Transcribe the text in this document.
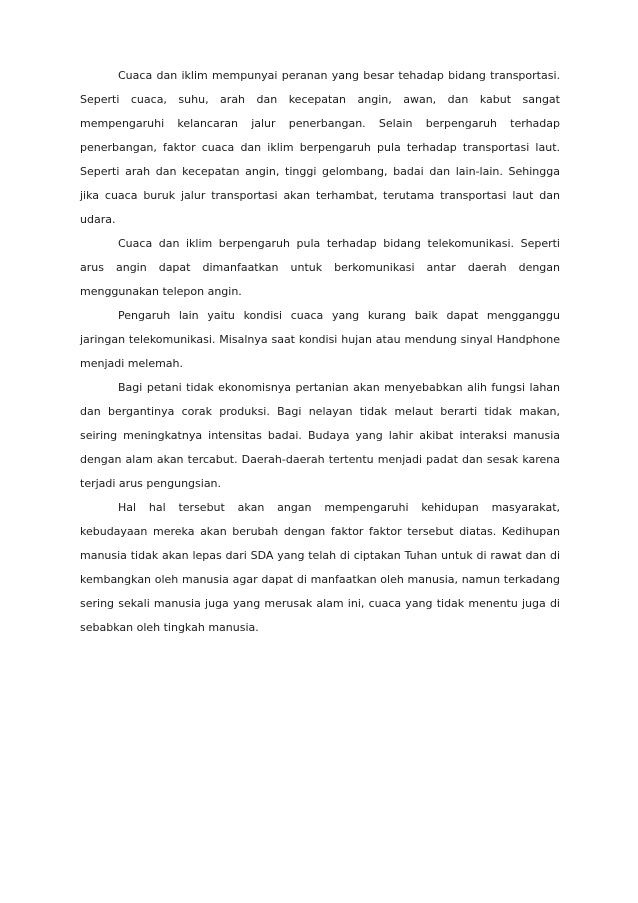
Cuaca dan iklim mempunyai peranan yang besar tehadap bidang transportasi. Seperti cuaca, suhu, arah dan kecepatan angin, awan, dan kabut sangat mempengaruhi kelancaran jalur penerbangan. Selain berpengaruh terhadap penerbangan, faktor cuaca dan iklim berpengaruh pula terhadap transportasi laut. Seperti arah dan kecepatan angin, tinggi gelombang, badai dan lain-lain. Sehingga jika cuaca buruk jalur transportasi akan terhambat, terutama transportasi laut dan udara.

Cuaca dan iklim berpengaruh pula terhadap bidang telekomunikasi. Seperti arus angin dapat dimanfaatkan untuk berkomunikasi antar daerah dengan menggunakan telepon angin.

Pengaruh lain yaitu kondisi cuaca yang kurang baik dapat mengganggu jaringan telekomunikasi. Misalnya saat kondisi hujan atau mendung sinyal Handphone menjadi melemah.

Bagi petani tidak ekonomisnya pertanian akan menyebabkan alih fungsi lahan dan bergantinya corak produksi. Bagi nelayan tidak melaut berarti tidak makan, seiring meningkatnya intensitas badai. Budaya yang lahir akibat interaksi manusia dengan alam akan tercabut. Daerah-daerah tertentu menjadi padat dan sesak karena terjadi arus pengungsian.

Hal hal tersebut akan angan mempengaruhi kehidupan masyarakat, kebudayaan mereka akan berubah dengan faktor faktor tersebut diatas. Kedihupan manusia tidak akan lepas dari SDA yang telah di ciptakan Tuhan untuk di rawat dan di kembangkan oleh manusia agar dapat di manfaatkan oleh manusia, namun terkadang sering sekali manusia juga yang merusak alam ini, cuaca yang tidak menentu juga di sebabkan oleh tingkah manusia.
